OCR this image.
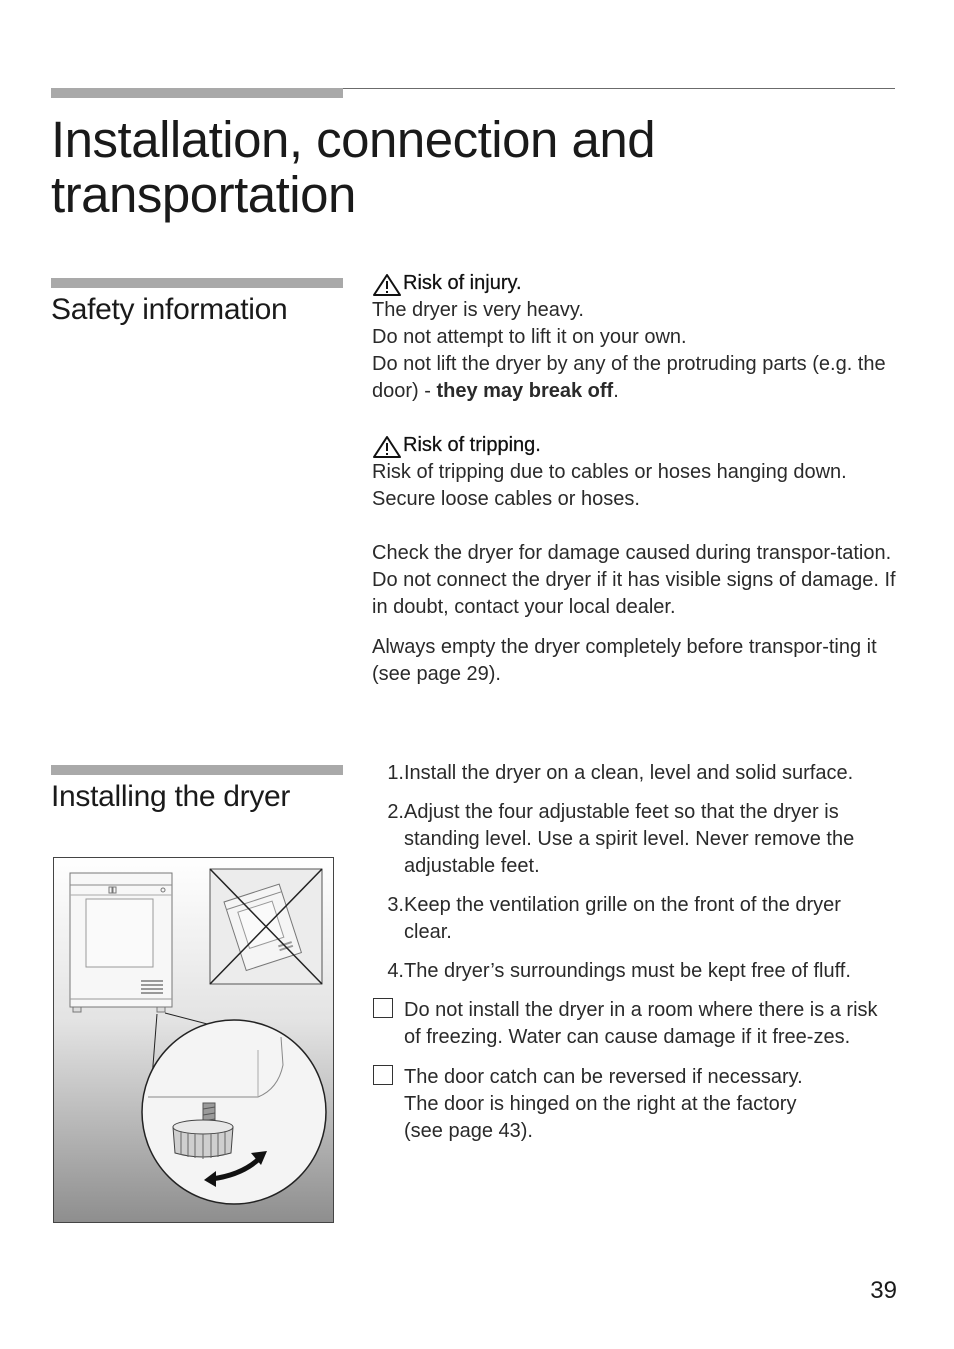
Installation, connection and transportation
Safety information
Risk of injury.

The dryer is very heavy.

Do not attempt to lift it on your own.

Do not lift the dryer by any of the protruding parts (e.g. the door) - they may break off.

Risk of tripping.

Risk of tripping due to cables or hoses hanging down.

Secure loose cables or hoses.

Check the dryer for damage caused during transpor-tation. Do not connect the dryer if it has visible signs of damage. If in doubt, contact your local dealer.

Always empty the dryer completely before transpor-ting it (see page 29).

Installing the dryer
1. Install the dryer on a clean, level and solid surface.
2. Adjust the four adjustable feet so that the dryer is standing level. Use a spirit level. Never remove the adjustable feet.
3. Keep the ventilation grille on the front of the dryer clear.
4. The dryer’s surroundings must be kept free of fluff.
Do not install the dryer in a room where there is a risk of freezing. Water can cause damage if it free-zes.
The door catch can be reversed if necessary.
The door is hinged on the right at the factory
(see page 43).
39
